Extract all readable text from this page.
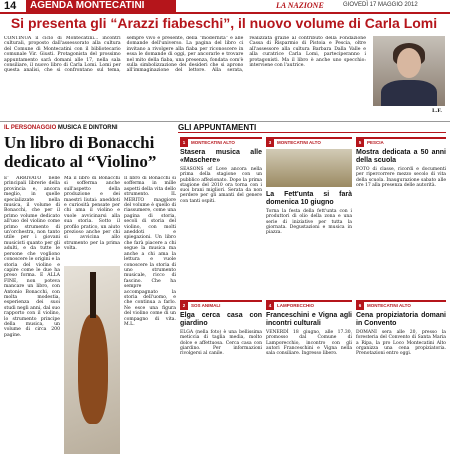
14	AGENDA MONTECATINI	LA NAZIONE	GIOVEDÌ 17 MAGGIO 2012
Si presenta gli “Arazzi fiabeschi”, il nuovo volume di Carla Lomi
CONTINUA il ciclo di Montecatini... incontri culturali, proposto dall'assessorato alla cultura del Comune di Montecatini con il bibliotecario comunale Vir. Giusti. Protagonista del prossimo appuntamento sarà domani alle 17, nella sala consiliare, il nuovo libro di Carla Lomi. Lomi per questa analisi, che si confrontano sul tema, sempre vivo e presente, della “modernità” e alle domande dell'universo. La pagina del libro ci invitano a rivolgere alla fiaba per riconoscere in essa le domande di oggi, per ancorarle e trovare nel mito della fiaba, una presenza, fondata com'è sulla simbolizzazione dei desideri che si aprono all'immaginazione del lettore. Alla serata, realizzata grazie al contributo della Fondazione Cassa di Risparmio di Pistoia e Pescia, oltre all'assessore alla cultura Barbara Dalla Valle e alla curatrice Carla Lomi, parteciperanno i protagonisti. Ma il libro è anche uno specchio: interviene con l'autrice.
L.F.
IL PERSONAGGIO MUSICA E DINTORNI
Un libro di Bonacchi dedicato al “Violino”
E' ARRIVATO nelle principali librerie della provincia e, ancora meglio, in quelle specializzate nella musica, il volume di Bonacchi, che per il primo volume dedicato all'uso del violino come primo strumento di un'orchestra, non tanto utile per i giovani musicisti quanto per gli adulti, e da tutte le persone che vogliono conoscere le origini e la storia del violino e capire come le due ha preso forma. E ALLA FINE, non poteva mancare un libro, con Antonio Bonacchi, con molta modestia, esperienza dei suoi studi negli anni, dal suo rapporto con il violino, lo strumento principe della musica, un volume di circa 200 pagine.
Ma il libro di Bonacchi si sofferma anche sull'aspetto della produzione e dei maestri liutai: aneddoti e curiosità pensate per chi ama il violino e vuole avvicinarsi alla sua storia. Sotto il profilo pratico, un aiuto prezioso anche per chi si avvicina allo strumento per la prima volta.
Il libro di Bonacchi si sofferma in mille aspetti della vita dello strumento. IL MERITO maggiore del volume è quello di riassumere, come una pagina di storia, secoli di storia del violino, con molti aneddoti e spiegazioni. Un libro che farà piacere a chi segue la musica ma anche a chi ama la lettura e vuole conoscere la storia di uno strumento musicale, ricco di fascino. Che ha sempre accompagnato la storia dell'uomo, e che continua a farlo. Ne esce una figura del violino come di un compagno di vita. M.L.
GLI APPUNTAMENTI
1 MONTECATINI ALTO
Stasera musica alle «Maschere»
SEASONS of Love ancora nella prima della stagione con un pubblico affezionato. Dopo la prima stagione del 2010 ora torna con i suoi brani migliori. Serata da non perdere per gli amanti del genere con tanti ospiti.
2 SOS ANIMALI
Elga cerca casa con giardino
ELGA (nella foto) è una bellissima meticcia di taglia media, molto dolce e affettuosa. Cerca casa con giardino. Per informazioni rivolgersi al canile.
3 MONTECATINI ALTO
La Fett'unta si farà domenica 10 giugno
Torna la festa della fett'unta con i produttori di olio della zona e una serie di iniziative per tutta la giornata. Degustazioni e musica in piazza.
4 LAMPORECCHIO
Franceschini e Vigna agli incontri culturali
VENERDÌ 18 giugno, alle 17.30, promosso dal Comune di Lamporecchio, incontro con gli autori Franceschini e Vigna nella sala consiliare. Ingresso libero.
5 PESCIA
Mostra dedicata a 50 anni della scuola
FOTO di classe, ricordi e documenti per ripercorrere mezzo secolo di vita della scuola. Inaugurazione sabato alle ore 17 alla presenza delle autorità.
6 MONTECATINI ALTO
Cena propiziatoria domani in Convento
DOMANI sera alle 20, presso la foresteria del Convento di Santa Maria a Ripa, la pro Loco Montecatini Alto organizza una cena propiziatoria. Prenotazioni entro oggi.
